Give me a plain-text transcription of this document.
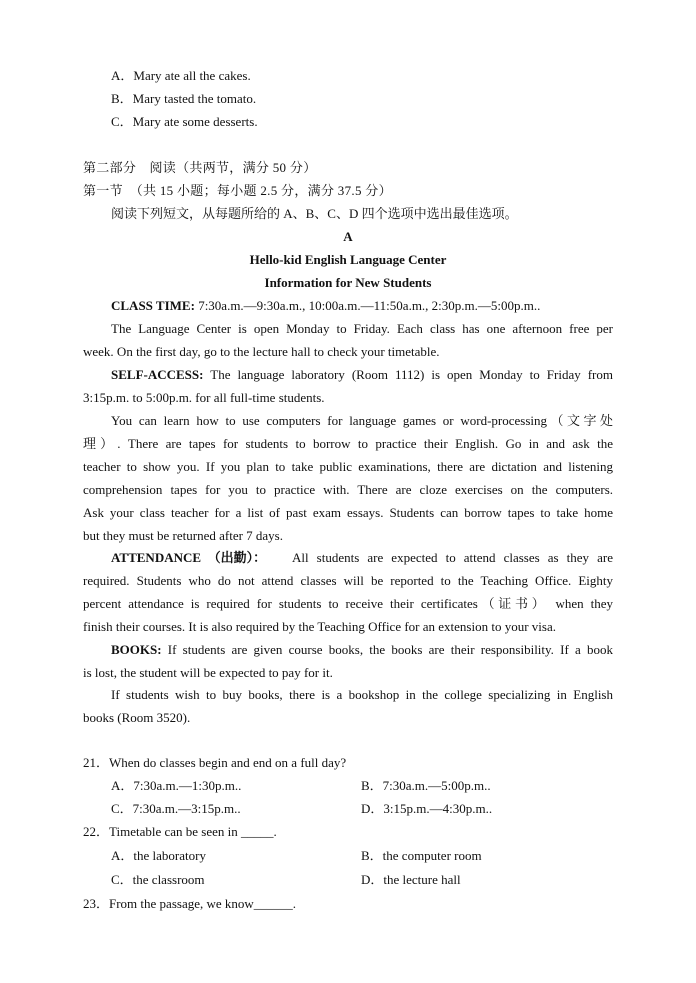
A．Mary ate all the cakes.
B．Mary tasted the tomato.
C．Mary ate some desserts.
第二部分　阅读（共两节，满分 50 分）
第一节　（共 15 小题；每小题 2.5 分，满分 37.5 分）
阅读下列短文，从每题所给的 A、B、C、D 四个选项中选出最佳选项。
A
Hello-kid English Language Center
Information for New Students
CLASS TIME: 7:30a.m.—9:30a.m., 10:00a.m.—11:50a.m., 2:30p.m.—5:00p.m..
The Language Center is open Monday to Friday. Each class has one afternoon free per
week. On the first day, go to the lecture hall to check your timetable.
SELF-ACCESS: The language laboratory (Room 1112) is open Monday to Friday from
3:15p.m. to 5:00p.m. for all full-time students.
You can learn how to use computers for language games or word-processing（文字处
理）. There are tapes for students to borrow to practice their English. Go in and ask the
teacher to show you. If you plan to take public examinations, there are dictation and listening
comprehension tapes for you to practice with. There are cloze exercises on the computers.
Ask your class teacher for a list of past exam essays. Students can borrow tapes to take home
but they must be returned after 7 days.
ATTENDANCE （出勤）： All students are expected to attend classes as they are
required. Students who do not attend classes will be reported to the Teaching Office. Eighty
percent attendance is required for students to receive their certificates（证书） when they
finish their courses. It is also required by the Teaching Office for an extension to your visa.
BOOKS: If students are given course books, the books are their responsibility. If a book
is lost, the student will be expected to pay for it.
If students wish to buy books, there is a bookshop in the college specializing in English
books (Room 3520).
21．When do classes begin and end on a full day?
A．7:30a.m.—1:30p.m..	B．7:30a.m.—5:00p.m..
C．7:30a.m.—3:15p.m..	D．3:15p.m.—4:30p.m..
22．Timetable can be seen in _____.
A．the laboratory	B．the computer room
C．the classroom	D．the lecture hall
23．From the passage, we know______.
